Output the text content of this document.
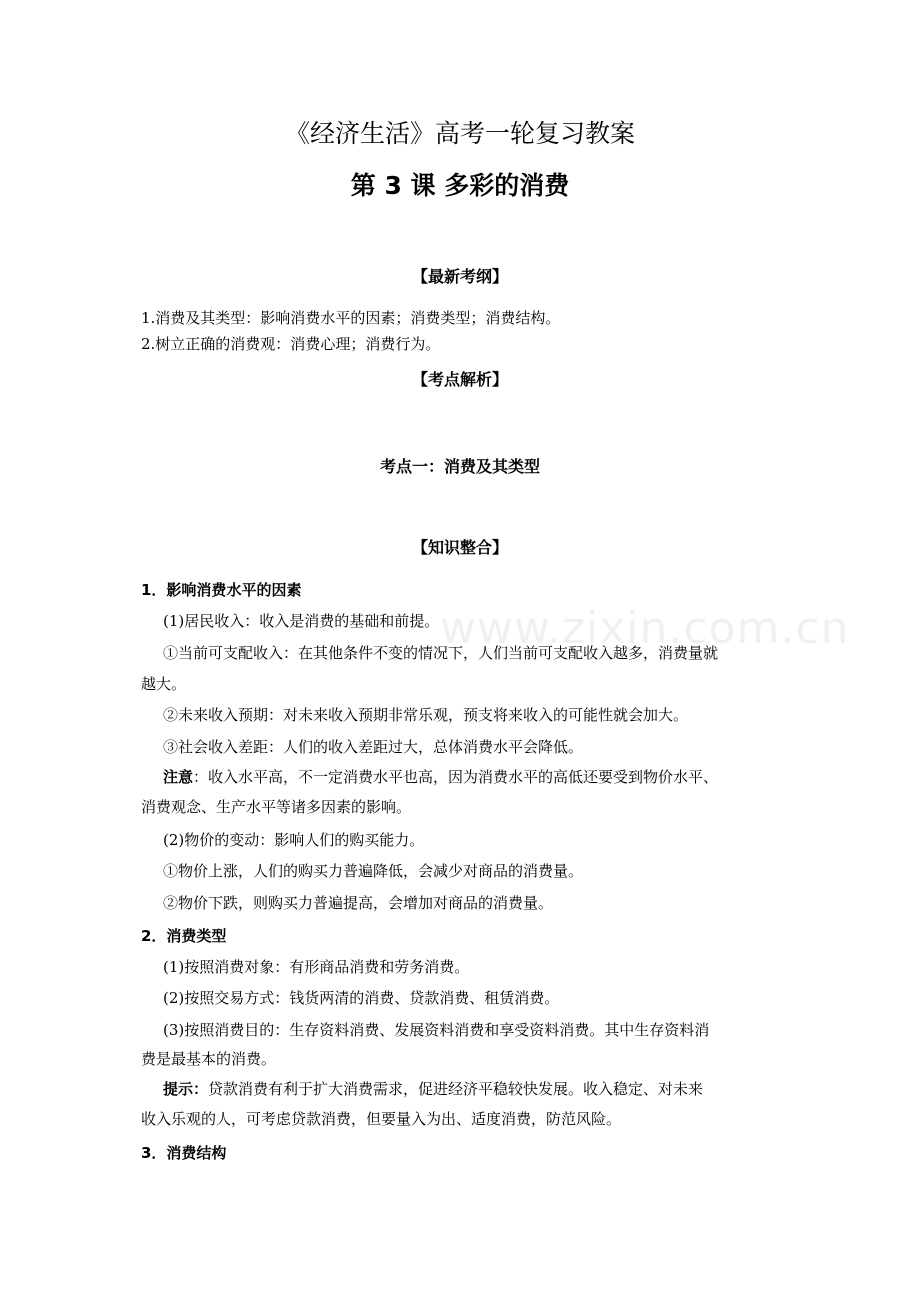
《经济生活》高考一轮复习教案
第 3 课 多彩的消费
【最新考纲】
1.消费及其类型：影响消费水平的因素；消费类型；消费结构。
2.树立正确的消费观：消费心理；消费行为。
【考点解析】
考点一：消费及其类型
【知识整合】
1．影响消费水平的因素
(1)居民收入：收入是消费的基础和前提。
①当前可支配收入：在其他条件不变的情况下，人们当前可支配收入越多，消费量就
越大。
②未来收入预期：对未来收入预期非常乐观，预支将来收入的可能性就会加大。
③社会收入差距：人们的收入差距过大，总体消费水平会降低。
注意：收入水平高，不一定消费水平也高，因为消费水平的高低还要受到物价水平、
消费观念、生产水平等诸多因素的影响。
(2)物价的变动：影响人们的购买能力。
①物价上涨，人们的购买力普遍降低，会减少对商品的消费量。
②物价下跌，则购买力普遍提高，会增加对商品的消费量。
2．消费类型
(1)按照消费对象：有形商品消费和劳务消费。
(2)按照交易方式：钱货两清的消费、贷款消费、租赁消费。
(3)按照消费目的：生存资料消费、发展资料消费和享受资料消费。其中生存资料消
费是最基本的消费。
提示：贷款消费有利于扩大消费需求，促进经济平稳较快发展。收入稳定、对未来
收入乐观的人，可考虑贷款消费，但要量入为出、适度消费，防范风险。
3．消费结构
www.zixin.com.cn
